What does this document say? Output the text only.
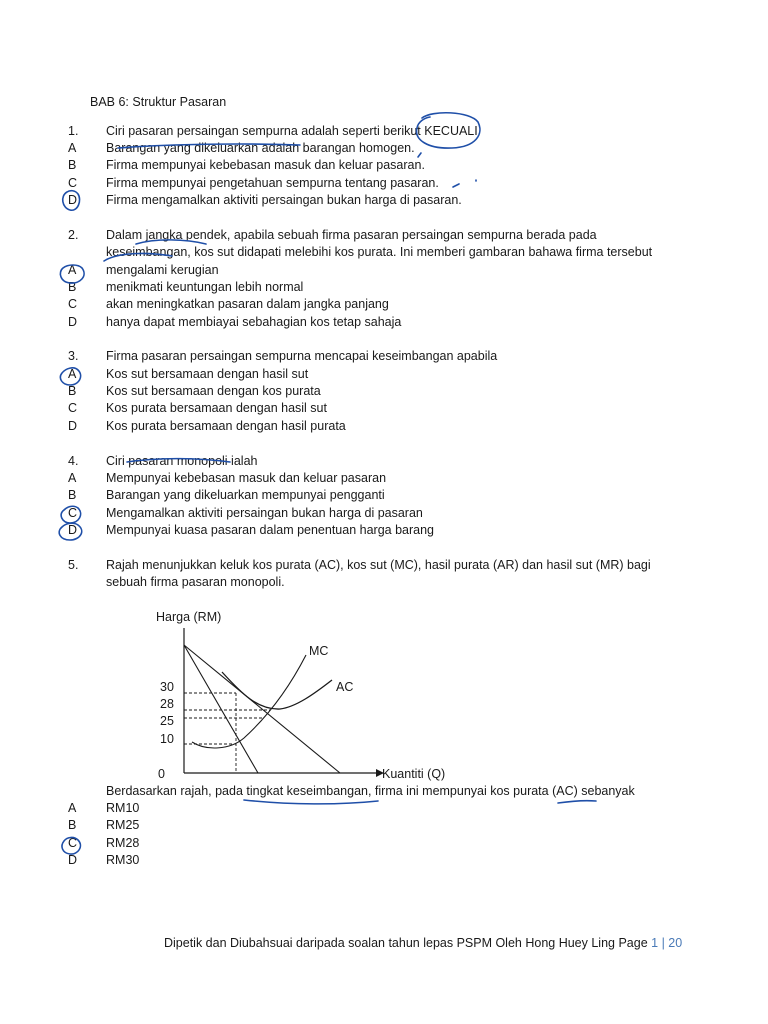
BAB 6: Struktur Pasaran
1. Ciri pasaran persaingan sempurna adalah seperti berikut KECUALI
A Barangan yang dikeluarkan adalah barangan homogen.
B Firma mempunyai kebebasan masuk dan keluar pasaran.
C Firma mempunyai pengetahuan sempurna tentang pasaran.
D Firma mengamalkan aktiviti persaingan bukan harga di pasaran.
2. Dalam jangka pendek, apabila sebuah firma pasaran persaingan sempurna berada pada
keseimbangan, kos sut didapati melebihi kos purata. Ini memberi gambaran bahawa firma tersebut
A mengalami kerugian
B menikmati keuntungan lebih normal
C akan meningkatkan pasaran dalam jangka panjang
D hanya dapat membiayai sebahagian kos tetap sahaja
3. Firma pasaran persaingan sempurna mencapai keseimbangan apabila
A Kos sut bersamaan dengan hasil sut
B Kos sut bersamaan dengan kos purata
C Kos purata bersamaan dengan hasil sut
D Kos purata bersamaan dengan hasil purata
4. Ciri pasaran monopoli ialah
A Mempunyai kebebasan masuk dan keluar pasaran
B Barangan yang dikeluarkan mempunyai pengganti
C Mengamalkan aktiviti persaingan bukan harga di pasaran
D Mempunyai kuasa pasaran dalam penentuan harga barang
5. Rajah menunjukkan keluk kos purata (AC), kos sut (MC), hasil purata (AR) dan hasil sut (MR) bagi
sebuah firma pasaran monopoli.
Harga (RM)
Kuantiti (Q)
0
30
28
25
10
MC
AC
Berdasarkan rajah, pada tingkat keseimbangan, firma ini mempunyai kos purata (AC) sebanyak
A RM10
B RM25
C RM28
D RM30
Dipetik dan Diubahsuai daripada soalan tahun lepas PSPM Oleh Hong Huey Ling Page 1 | 20
